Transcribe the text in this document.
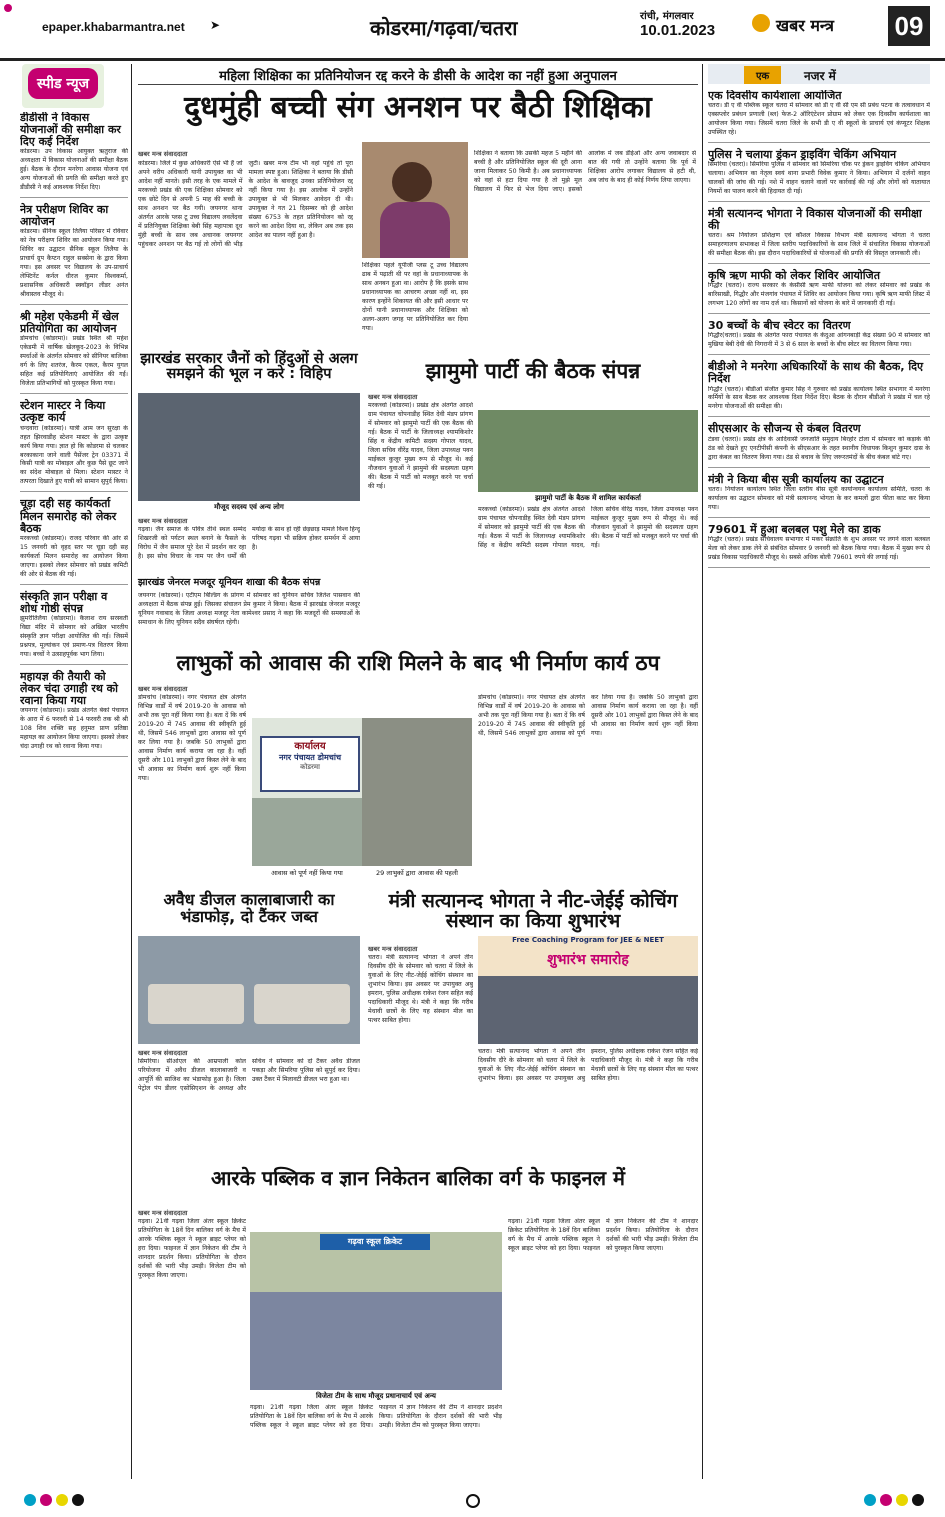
epaper.khabarmantra.net ➤	कोडरमा/गढ़वा/चतरा	रांची, मंगलवार
10.01.2023	खबर मन्त्र 09
स्पीड न्यूज
डीडीसी ने विकास योजनाओं की समीक्षा कर दिए कई निर्देश
कोडरमा। उप विकास आयुक्त ऋतुराज की अध्यक्षता में विकास योजनाओं की समीक्षा बैठक हुई। बैठक के दौरान मनरेगा आवास योजना एवं अन्य योजनाओं की प्रगति की समीक्षा करते हुए डीडीसी ने कई आवश्यक निर्देश दिए।
नेत्र परीक्षण शिविर का आयोजन
कोडरमा। सैनिक स्कूल तिलैया परिसर में रविवार को नेत्र परीक्षण शिविर का आयोजन किया गया। शिविर का उद्घाटन सैनिक स्कूल तिलैया के प्राचार्य ग्रुप कैप्टन राहुल सक्सेना के द्वारा किया गया। इस अवसर पर विद्यालय के उप-प्राचार्य लेफ्टिनेंट कर्नल धीरज कुमार विश्वकर्मा, प्रशासनिक अधिकारी स्क्वॉड्रन लीडर अनंत श्रीवास्तव मौजूद थे।
श्री महेश एकेडमी में खेल प्रतियोगिता का आयोजन
डोमचांच (कोडरमा)। प्रखंड स्थित श्री महेश एकेडमी में वार्षिक खेलकूद-2023 के विभिन्न स्पर्धाओं के अंतर्गत सोमवार को सीनियर बालिका वर्ग के लिए शतरंज, कैरम एकल, कैरम युगल सहित कई प्रतियोगिताएं आयोजित की गईं। विजेता प्रतिभागियों को पुरस्कृत किया गया।
स्टेशन मास्टर ने किया उत्कृष्ट कार्य
चन्दवारा (कोडरमा)। यात्री आम जन सुरक्षा के तहत झिरवाडीह स्टेशन मास्टर के द्वारा उत्कृष्ट कार्य किया गया। ज्ञात हो कि कोडरमा से चलकर बरकाकाना जाने वाली पैसेंजर ट्रेन 03371 में किसी यात्री का मोबाइल और कुछ पैसे छूट जाने का संदेश मोबाइल से मिला। स्टेशन मास्टर ने तत्परता दिखाते हुए यात्री को सामान सुपुर्द किया।
चूड़ा दही सह कार्यकर्ता मिलन समारोह को लेकर बैठक
मरकच्चो (कोडरमा)। राजद परिवार की ओर से 15 जनवरी को वृहद स्तर पर चूड़ा दही सह कार्यकर्ता मिलन समारोह का आयोजन किया जाएगा। इसको लेकर सोमवार को प्रखंड कमिटी की ओर से बैठक की गई।
संस्कृति ज्ञान परीक्षा व शोध गोष्ठी संपन्न
झुमरीतिलैया (कोडरमा)। कैलाश राय सरस्वती विद्या मंदिर में सोमवार को अखिल भारतीय संस्कृति ज्ञान परीक्षा आयोजित की गई। जिसमें प्रश्नपत्र, मूल्यांकन एवं प्रमाण-पत्र वितरण किया गया। बच्चों ने उत्साहपूर्वक भाग लिया।
महायज्ञ की तैयारी को लेकर चंदा उगाही रथ को रवाना किया गया
जयनगर (कोडरमा)। प्रखंड अंतर्गत बेको पंचायत के आरा में 6 फरवरी से 14 फरवरी तक श्री श्री 108 शिव शक्ति सह हनुमत प्राण प्रतिष्ठा महायज्ञ का आयोजन किया जाएगा। इसको लेकर चंदा उगाही रथ को रवाना किया गया।
महिला शिक्षिका का प्रतिनियोजन रद्द करने के डीसी के आदेश का नहीं हुआ अनुपालन
दुधमुंही बच्ची संग अनशन पर बैठी शिक्षिका
खबर मन्त्र संवाददाता
कोडरमा। जिले में कुछ अधिकारी ऐसे भी हैं जो अपने वरीय अधिकारी यानी उपायुक्त का भी आदेश नहीं मानते। इसी तरह के एक मामले में मरकच्चो प्रखंड की एक शिक्षिका सोमवार को एक छोटे दिन से अपनी 5 माह की बच्ची के साथ अनशन पर बैठ गयी। जयनगर थाना अंतर्गत आरके प्लस टू उच्च विद्यालय लवलेंदवा में प्रतिनियुक्त शिक्षिका बेबी सिंह महापात्रा दूध मुंही बच्ची के साथ जब अचानक जयनगर पहुंचकर अनशन पर बैठ गई तो लोगों की भीड़ जुटी। खबर मन्त्र टीम भी वहां पहुंचे तो पूरा मामला स्पष्ट हुआ। शिक्षिका ने बताया कि डीसी के आदेश के बावजूद उनका प्रतिनियोजन रद्द नहीं किया गया है। इस आलोक में उन्होंने उपायुक्त से भी मिलकर आवेदन दी थी। उपायुक्त ने गत 21 दिसम्बर को ही आदेश संख्या 6753 के तहत प्रतिनियोजन को रद्द करने का आदेश दिया था, लेकिन अब तक इस आदेश का पालन नहीं हुआ है।
शिक्षिका पहले यूपीजी प्लस टू उच्च विद्यालय ढाब में पढ़ाती थी पर वहां के प्रधानाध्यापक के साथ अनबन हुआ था। आरोप है कि इसके साथ प्रधानाध्यापक का आचरण अच्छा नहीं था, इस कारण इन्होंने शिकायत की और इसी आधार पर दोनों यानी प्रधानाध्यापक और शिक्षिका को अलग-अलग जगह पर प्रतिनियोजित कर दिया गया।
शिक्षिका ने बताया कि उसकी महज 5 महीने की बच्ची है और प्रतिनियोजित स्कूल की दूरी आना जाना मिलाकर 50 किमी है। अब प्रधानाध्यापक को वहां से हटा दिया गया है तो मुझे मूल विद्यालय में फिर से भेज दिया जाए। इसको आलोक में जब डीईओ और अन्य जवाबदार से बात की गयी तो उन्होंने बताया कि पूर्व में शिक्षिका आरोप लगाकर विद्यालय से हटी थी, अब जांच के बाद ही कोई निर्णय लिया जाएगा।
झारखंड सरकार जैनों को हिंदुओं से अलग समझने की भूल न करे : विहिप
मौजूद सदस्य एवं अन्य लोग
खबर मन्त्र संवाददाता
गढ़वा। जैन समाज के पवित्र तीर्थ स्थल सम्मेद शिखरजी को पर्यटन स्थल बनाने के फैसले के विरोध में जैन समाज पूरे देश में प्रदर्शन कर रहा है। इस सोच विचार के नाम पर जैन धर्मों की मर्यादा के साथ हो रही छेड़छाड़ मामले विश्व हिन्दू परिषद गढ़वा भी सक्रिय होकर समर्थन में आया है।
झारखंड जेनरल मजदूर यूनियन शाखा की बैठक संपन्न
जयनगर (कोडरमा)। एटीएम बिल्डिंग के प्रांगण में सोमवार को यूनियन सचिव जितेश पासवान की अध्यक्षता में बैठक संपन्न हुई। जिसका संचालन प्रेम कुमार ने किया। बैठक में झारखंड जेनरल मजदूर यूनियन गवाबाद के जिला अध्यक्ष मजदूर नेता कामेश्वर प्रसाद ने कहा कि मजदूरों की समस्याओं के समाधान के लिए यूनियन सदैव संघर्षरत रहेगी।
झामुमो पार्टी की बैठक संपन्न
खबर मन्त्र संवाददाता
मरकच्चो (कोडरमा)। प्रखंड क्षेत्र अंतर्गत आदर्श ग्राम पंचायत चोपनाडीह स्थित देवी मंडप प्रांगण में सोमवार को झामुमो पार्टी की एक बैठक की गई। बैठक में पार्टी के जिलाध्यक्ष श्यामकिशोर सिंह व केंद्रीय कमिटी सदस्य गोपाल यादव, जिला सचिव वीरेंद्र यादव, जिला उपाध्यक्ष पवन माईकल कुजूर मुख्य रूप से मौजूद थे। कई नौजवान युवाओं ने झामुमो की सदस्यता ग्रहण की। बैठक में पार्टी को मजबूत करने पर चर्चा की गई।
झामुमो पार्टी के बैठक में शामिल कार्यकर्ता
मरकच्चो (कोडरमा)। प्रखंड क्षेत्र अंतर्गत आदर्श ग्राम पंचायत चोपनाडीह स्थित देवी मंडप प्रांगण में सोमवार को झामुमो पार्टी की एक बैठक की गई। बैठक में पार्टी के जिलाध्यक्ष श्यामकिशोर सिंह व केंद्रीय कमिटी सदस्य गोपाल यादव, जिला सचिव वीरेंद्र यादव, जिला उपाध्यक्ष पवन माईकल कुजूर मुख्य रूप से मौजूद थे। कई नौजवान युवाओं ने झामुमो की सदस्यता ग्रहण की। बैठक में पार्टी को मजबूत करने पर चर्चा की गई।
लाभुकों को आवास की राशि मिलने के बाद भी निर्माण कार्य ठप
खबर मन्त्र संवाददाता
डोमचांच (कोडरमा)। नगर पंचायत क्षेत्र अंतर्गत विभिन्न वार्डों में वर्ष 2019-20 के आवास को अभी तक पूरा नहीं किया गया है। बता दें कि वर्ष 2019-20 में 745 आवास की स्वीकृति हुई थी, जिसमें 546 लाभुकों द्वारा आवास को पूर्ण कर लिया गया है। जबकि 50 लाभुकों द्वारा आवास निर्माण कार्य कराया जा रहा है। वहीं दूसरी ओर 101 लाभुकों द्वारा किस्त लेने के बाद भी आवास का निर्माण कार्य शुरू नहीं किया गया।
कार्यालय
नगर पंचायत डोमचांच
कोडरमा
आवास को पूर्ण नहीं किया गया	29 लाभुकों द्वारा आवास की पहली
डोमचांच (कोडरमा)। नगर पंचायत क्षेत्र अंतर्गत विभिन्न वार्डों में वर्ष 2019-20 के आवास को अभी तक पूरा नहीं किया गया है। बता दें कि वर्ष 2019-20 में 745 आवास की स्वीकृति हुई थी, जिसमें 546 लाभुकों द्वारा आवास को पूर्ण कर लिया गया है। जबकि 50 लाभुकों द्वारा आवास निर्माण कार्य कराया जा रहा है। वहीं दूसरी ओर 101 लाभुकों द्वारा किस्त लेने के बाद भी आवास का निर्माण कार्य शुरू नहीं किया गया।
अवैध डीजल कालाबाजारी का भंडाफोड़, दो टैंकर जब्त
खबर मन्त्र संवाददाता
सिमरिया। सीओएल की आम्रपाली कोल परियोजना में अवैध डीजल कालाबाजारी व आपूर्ति की साजिश का भंडाफोड़ हुआ है। जिला पेट्रोल पंप डीलर एसोसिएशन के अध्यक्ष और सचिव ने सोमवार को दो टैंकर अवैध डीजल पकड़ा और सिमरिया पुलिस को सुपुर्द कर दिया। उक्त टैंकर में मिलावटी डीजल भरा हुआ था।
मंत्री सत्यानन्द भोगता ने नीट-जेईई कोचिंग संस्थान का किया शुभारंभ
खबर मन्त्र संवाददाता
चतरा। मंत्री सत्यानन्द भोगता ने अपने तीन दिवसीय दौरे के सोमवार को चतरा में जिले के युवाओं के लिए नीट-जेईई कोचिंग संस्थान का शुभारंभ किया। इस अवसर पर उपायुक्त अबु इमरान, पुलिस अधीक्षक राकेश रंजन सहित कई पदाधिकारी मौजूद थे। मंत्री ने कहा कि गरीब मेधावी छात्रों के लिए यह संस्थान मील का पत्थर साबित होगा।
Free Coaching Program for JEE & NEET
शुभारंभ समारोह
चतरा। मंत्री सत्यानन्द भोगता ने अपने तीन दिवसीय दौरे के सोमवार को चतरा में जिले के युवाओं के लिए नीट-जेईई कोचिंग संस्थान का शुभारंभ किया। इस अवसर पर उपायुक्त अबु इमरान, पुलिस अधीक्षक राकेश रंजन सहित कई पदाधिकारी मौजूद थे। मंत्री ने कहा कि गरीब मेधावी छात्रों के लिए यह संस्थान मील का पत्थर साबित होगा।
आरके पब्लिक व ज्ञान निकेतन बालिका वर्ग के फाइनल में
खबर मन्त्र संवाददाता
गढ़वा। 21वीं गढ़वा जिला अंतर स्कूल क्रिकेट प्रतियोगिता के 18वें दिन बालिका वर्ग के मैच में आरके पब्लिक स्कूल ने स्कूल ब्राइट प्लेयर को हरा दिया। फाइनल में ज्ञान निकेतन की टीम ने शानदार प्रदर्शन किया। प्रतियोगिता के दौरान दर्शकों की भारी भीड़ उमड़ी। विजेता टीम को पुरस्कृत किया जाएगा।
गढ़वा स्कूल क्रिकेट
विजेता टीम के साथ मौजूद प्रधानाचार्य एवं अन्य
गढ़वा। 21वीं गढ़वा जिला अंतर स्कूल क्रिकेट प्रतियोगिता के 18वें दिन बालिका वर्ग के मैच में आरके पब्लिक स्कूल ने स्कूल ब्राइट प्लेयर को हरा दिया। फाइनल में ज्ञान निकेतन की टीम ने शानदार प्रदर्शन किया। प्रतियोगिता के दौरान दर्शकों की भारी भीड़ उमड़ी। विजेता टीम को पुरस्कृत किया जाएगा।
गढ़वा। 21वीं गढ़वा जिला अंतर स्कूल क्रिकेट प्रतियोगिता के 18वें दिन बालिका वर्ग के मैच में आरके पब्लिक स्कूल ने स्कूल ब्राइट प्लेयर को हरा दिया। फाइनल में ज्ञान निकेतन की टीम ने शानदार प्रदर्शन किया। प्रतियोगिता के दौरान दर्शकों की भारी भीड़ उमड़ी। विजेता टीम को पुरस्कृत किया जाएगा।
एक	नजर में
एक दिवसीय कार्यशाला आयोजित
चतरा। डी ए वी पब्लिक स्कूल चतरा में सोमवार को डी ए वी सी एम सी प्रबंध पटना के तत्वावधान में एक्सप्लोर प्रबंधन प्रणाली (ब्ल) फेज-2 ऑरिएंटेशन प्रोग्राम को लेकर एक दिवसीय कार्यशाला का आयोजन किया गया। जिसमें चतरा जिले के सभी डी ए वी स्कूलों के प्राचार्य एवं कंप्यूटर शिक्षक उपस्थित रहे।
पुलिस ने चलाया ड्रंकन ड्राइविंग चेकिंग अभियान
सिमरिया (चतरा)। सिमरिया पुलिस ने सोमवार को सिमरिया चौक पर ड्रंकन ड्राइविंग चेकिंग अभियान चलाया। अभियान का नेतृत्व स्वयं थाना प्रभारी विवेक कुमार ने किया। अभियान में दर्जनों वाहन चालकों की जांच की गई। नशे में वाहन चलाने वालों पर कार्रवाई की गई और लोगों को यातायात नियमों का पालन करने की हिदायत दी गई।
मंत्री सत्यानन्द भोगता ने विकास योजनाओं की समीक्षा की
चतरा। श्रम नियोजन प्रशिक्षण एवं कौशल विकास विभाग मंत्री सत्यानन्द भोगता ने चतरा समाहरणालय सभाकक्ष में जिला स्तरीय पदाधिकारियों के साथ जिले में संचालित विकास योजनाओं की समीक्षा बैठक की। इस दौरान पदाधिकारियों से योजनाओं की प्रगति की विस्तृत जानकारी ली।
कृषि ऋण माफी को लेकर शिविर आयोजित
गिद्धौर (चतरा)। राज्य सरकार के केसीसी ऋण माफी योजना को लेकर सोमवार को प्रखंड के बारिसाखी, गिद्धौर और मंजगांव पंचायत में शिविर का आयोजन किया गया। कृषि ऋण माफी लिस्ट में लगभग 120 लोगों का नाम दर्ज था। किसानों को योजना के बारे में जानकारी दी गई।
30 बच्चों के बीच स्वेटर का वितरण
गिद्धौर(चतरा)। प्रखंड के अंतर्गत फारा पंचायत के केंदुआ आंगनबाड़ी केंद्र संख्या 90 में सोमवार को मुखिया बेबी देवी की निगरानी में 3 से 6 साल के बच्चों के बीच स्वेटर का वितरण किया गया।
बीडीओ ने मनरेगा अधिकारियों के साथ की बैठक, दिए निर्देश
गिद्धौर (चतरा)। बीडीओ संजीत कुमार सिंह ने गुरुवार को प्रखंड कार्यालय स्थित सभागार में मनरेगा कर्मियों के साथ बैठक कर आवश्यक दिशा निर्देश दिए। बैठक के दौरान बीडीओ ने प्रखंड में चल रहे मनरेगा योजनाओं की समीक्षा की।
सीएसआर के सौजन्य से कंबल वितरण
टंडवा (चतरा)। प्रखंड क्षेत्र के आदिवासी जनजाति समुदाय बिरहोर टोला में सोमवार को कड़ाके की ठंड को देखते हुए एनटीपीसी कंपनी के सीएसआर के तहत स्थानीय विधायक किशुन कुमार दास के द्वारा कंबल का वितरण किया गया। ठंड से बचाव के लिए जरूरतमंदों के बीच कंबल बांटे गए।
मंत्री ने किया बीस सूत्री कार्यालय का उद्घाटन
चतरा। नियोजन कार्यालय स्थित जिला स्तरीय बीस सूत्री कार्यान्वयन कार्यालय समिति, चतरा के कार्यालय का उद्घाटन सोमवार को मंत्री सत्यानन्द भोगता के कर कमलों द्वारा फीता काट कर किया गया।
79601 में हुआ बलबल पशु मेले का डाक
गिद्धौर (चतरा)। प्रखंड सचिवालय सभागार में मकर संक्रांति के शुभ अवसर पर लगने वाला बलबल मेला को लेकर डाक लेने से संबंधित सोमवार 9 जनवरी को बैठक किया गया। बैठक में मुख्य रूप से प्रखंड विकास पदाधिकारी मौजूद थे। सबसे अधिक बोली 79601 रुपये की लगाई गई।
